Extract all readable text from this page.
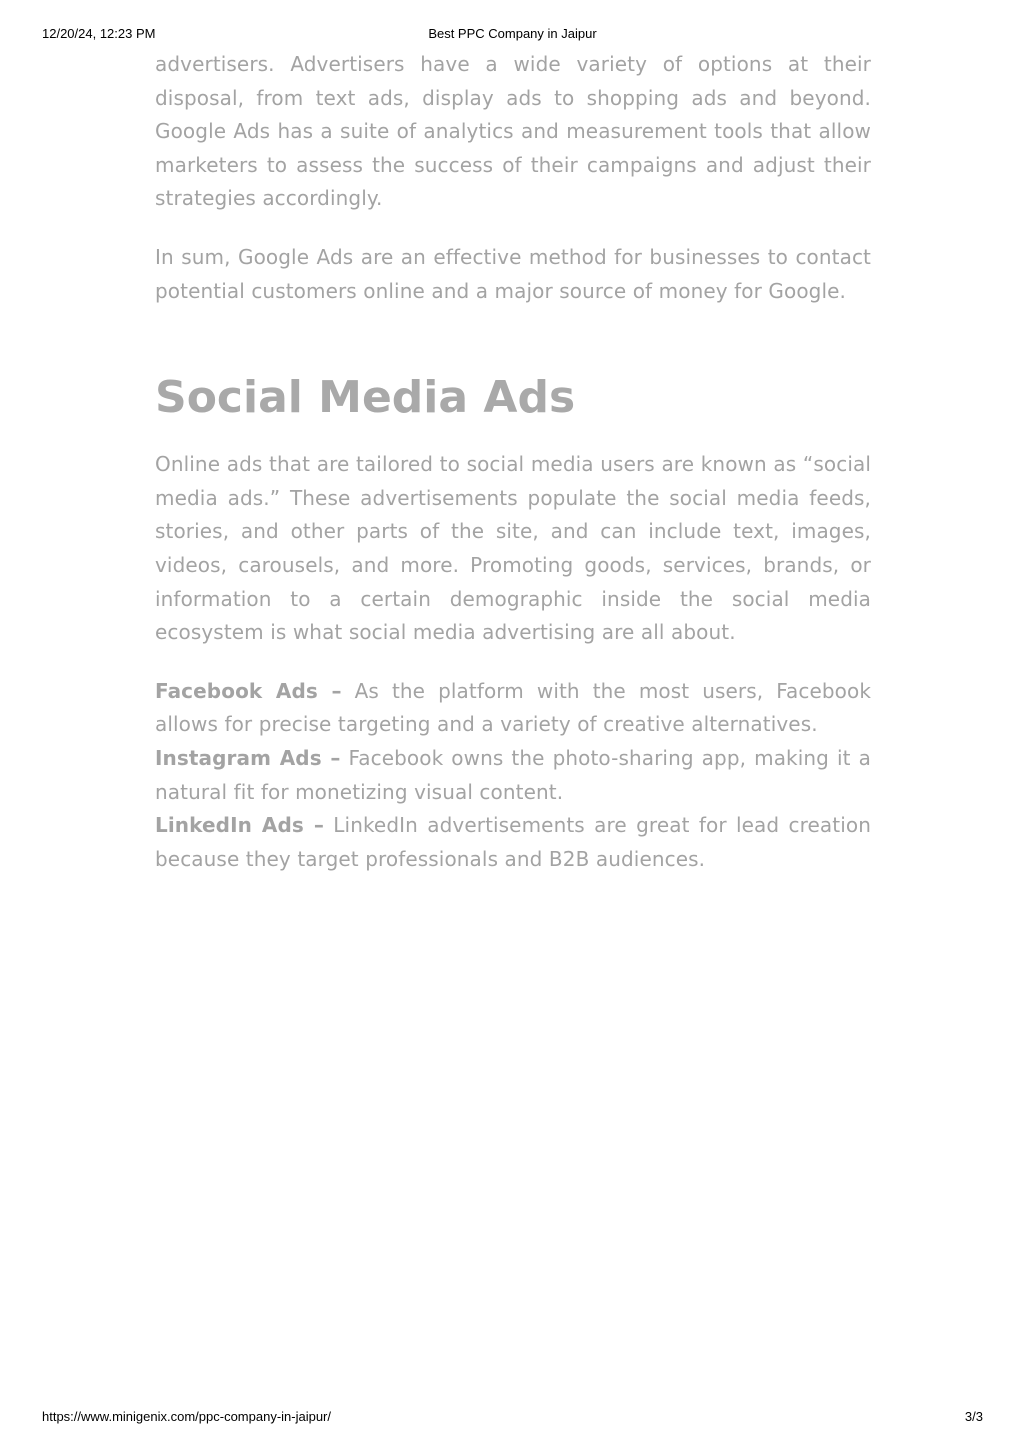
12/20/24, 12:23 PM	Best PPC Company in Jaipur

advertisers. Advertisers have a wide variety of options at their disposal, from text ads, display ads to shopping ads and beyond. Google Ads has a suite of analytics and measurement tools that allow marketers to assess the success of their campaigns and adjust their strategies accordingly.

In sum, Google Ads are an effective method for businesses to contact potential customers online and a major source of money for Google.

Social Media Ads

Online ads that are tailored to social media users are known as “social media ads.” These advertisements populate the social media feeds, stories, and other parts of the site, and can include text, images, videos, carousels, and more. Promoting goods, services, brands, or information to a certain demographic inside the social media ecosystem is what social media advertising are all about.

Facebook Ads – As the platform with the most users, Facebook allows for precise targeting and a variety of creative alternatives.

Instagram Ads – Facebook owns the photo-sharing app, making it a natural fit for monetizing visual content.

LinkedIn Ads – LinkedIn advertisements are great for lead creation because they target professionals and B2B audiences.

https://www.minigenix.com/ppc-company-in-jaipur/	3/3
